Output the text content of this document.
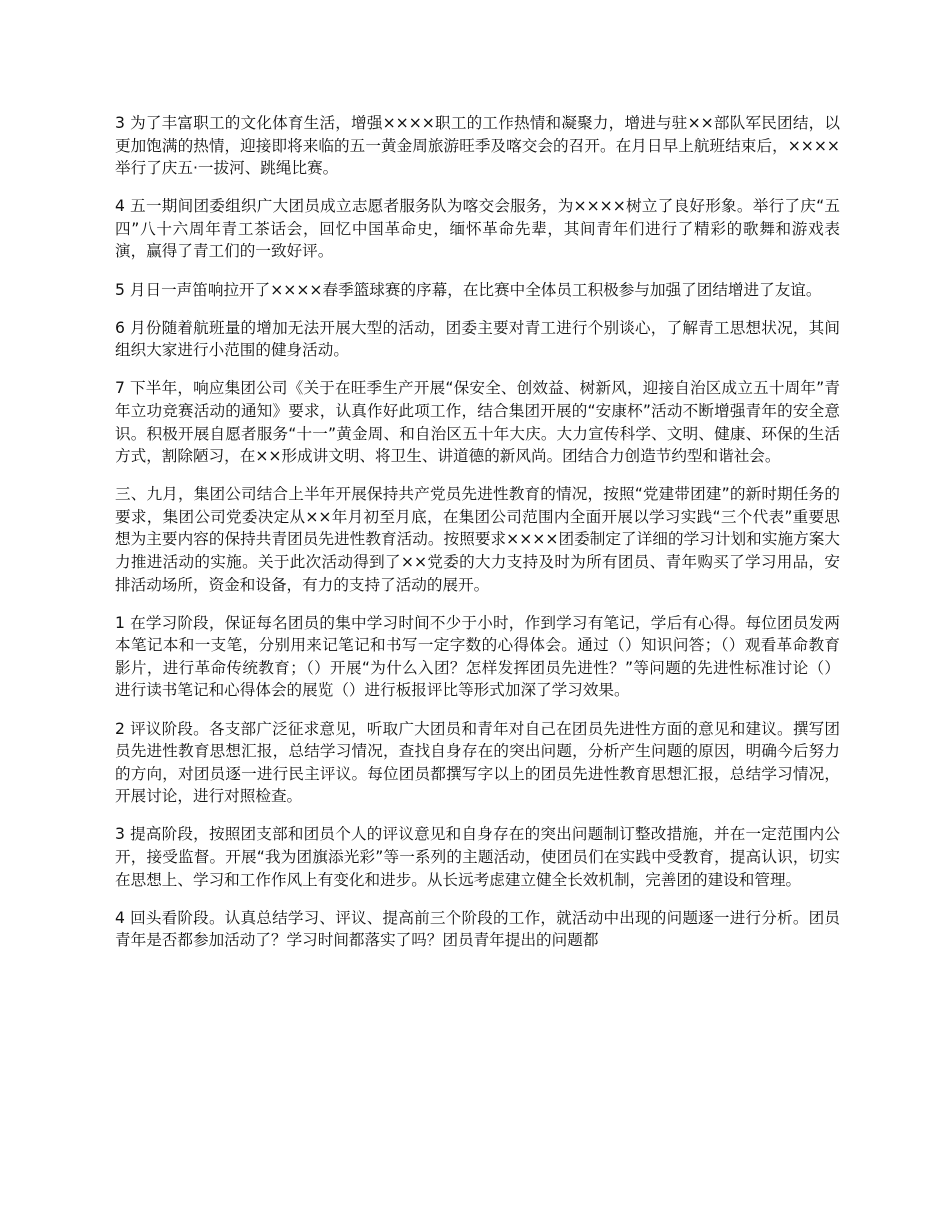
3 为了丰富职工的文化体育生活，增强××××职工的工作热情和凝聚力，增进与驻××部队军民团结，以更加饱满的热情，迎接即将来临的五一黄金周旅游旺季及喀交会的召开。在月日早上航班结束后，××××举行了庆五·一拔河、跳绳比赛。

4 五一期间团委组织广大团员成立志愿者服务队为喀交会服务，为××××树立了良好形象。举行了庆“五四”八十六周年青工茶话会，回忆中国革命史，缅怀革命先辈，其间青年们进行了精彩的歌舞和游戏表演，赢得了青工们的一致好评。

5 月日一声笛响拉开了××××春季篮球赛的序幕，在比赛中全体员工积极参与加强了团结增进了友谊。

6 月份随着航班量的增加无法开展大型的活动，团委主要对青工进行个别谈心，了解青工思想状况，其间组织大家进行小范围的健身活动。

7 下半年，响应集团公司《关于在旺季生产开展“保安全、创效益、树新风，迎接自治区成立五十周年”青年立功竞赛活动的通知》要求，认真作好此项工作，结合集团开展的“安康杯”活动不断增强青年的安全意识。积极开展自愿者服务“十一”黄金周、和自治区五十年大庆。大力宣传科学、文明、健康、环保的生活方式，割除陋习，在××形成讲文明、将卫生、讲道德的新风尚。团结合力创造节约型和谐社会。

三、九月，集团公司结合上半年开展保持共产党员先进性教育的情况，按照“党建带团建”的新时期任务的要求，集团公司党委决定从××年月初至月底，在集团公司范围内全面开展以学习实践“三个代表”重要思想为主要内容的保持共青团员先进性教育活动。按照要求××××团委制定了详细的学习计划和实施方案大力推进活动的实施。关于此次活动得到了××党委的大力支持及时为所有团员、青年购买了学习用品，安排活动场所，资金和设备，有力的支持了活动的展开。

1 在学习阶段，保证每名团员的集中学习时间不少于小时，作到学习有笔记，学后有心得。每位团员发两本笔记本和一支笔，分别用来记笔记和书写一定字数的心得体会。通过（）知识问答；（）观看革命教育影片，进行革命传统教育；（）开展“为什么入团？怎样发挥团员先进性？”等问题的先进性标准讨论（）进行读书笔记和心得体会的展览（）进行板报评比等形式加深了学习效果。

2 评议阶段。各支部广泛征求意见，听取广大团员和青年对自己在团员先进性方面的意见和建议。撰写团员先进性教育思想汇报，总结学习情况，查找自身存在的突出问题，分析产生问题的原因，明确今后努力的方向，对团员逐一进行民主评议。每位团员都撰写字以上的团员先进性教育思想汇报，总结学习情况，开展讨论，进行对照检查。

3 提高阶段，按照团支部和团员个人的评议意见和自身存在的突出问题制订整改措施，并在一定范围内公开，接受监督。开展“我为团旗添光彩”等一系列的主题活动，使团员们在实践中受教育，提高认识，切实在思想上、学习和工作作风上有变化和进步。从长远考虑建立健全长效机制，完善团的建设和管理。

4 回头看阶段。认真总结学习、评议、提高前三个阶段的工作，就活动中出现的问题逐一进行分析。团员青年是否都参加活动了？学习时间都落实了吗？团员青年提出的问题都
